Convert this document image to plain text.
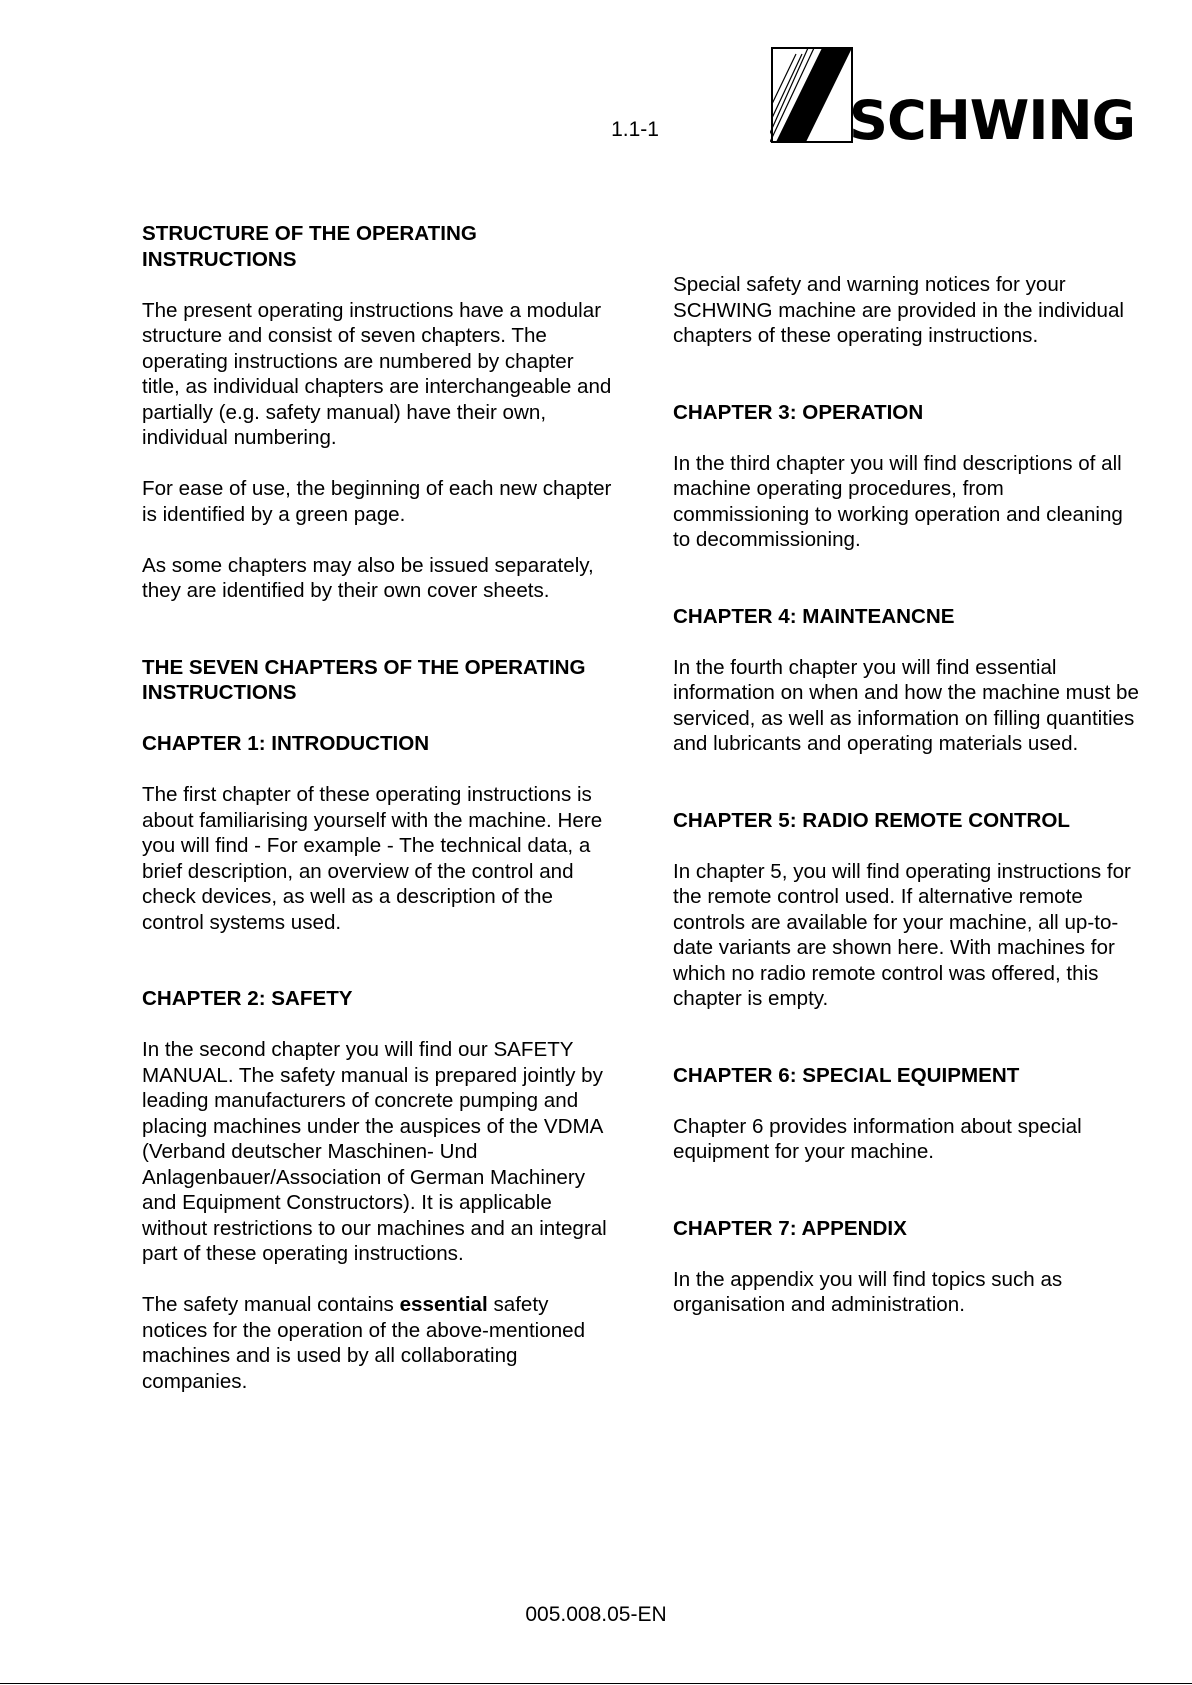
1.1-1	SCHWING
STRUCTURE OF THE OPERATING INSTRUCTIONS

The present operating instructions have a modular structure and consist of seven chapters. The operating instructions are numbered by chapter title, as individual chapters are interchangeable and partially (e.g. safety manual) have their own, individual numbering.

For ease of use, the beginning of each new chapter is identified by a green page.

As some chapters may also be issued separately, they are identified by their own cover sheets.

THE SEVEN CHAPTERS OF THE OPERATING INSTRUCTIONS
CHAPTER 1: INTRODUCTION

The first chapter of these operating instructions is about familiarising yourself with the machine. Here you will find - For example - The technical data, a brief description, an overview of the control and check devices, as well as a description of the control systems used.

CHAPTER 2: SAFETY

In the second chapter you will find our SAFETY MANUAL. The safety manual is prepared jointly by leading manufacturers of concrete pumping and placing machines under the auspices of the VDMA (Verband deutscher Maschinen- Und Anlagenbauer/Association of German Machinery and Equipment Constructors). It is applicable without restrictions to our machines and an integral part of these operating instructions.

The safety manual contains essential safety notices for the operation of the above-mentioned machines and is used by all collaborating companies.

Special safety and warning notices for your SCHWING machine are provided in the individual chapters of these operating instructions.

CHAPTER 3: OPERATION

In the third chapter you will find descriptions of all machine operating procedures, from commissioning to working operation and cleaning to decommissioning.

CHAPTER 4: MAINTEANCNE

In the fourth chapter you will find essential information on when and how the machine must be serviced, as well as information on filling quantities and lubricants and operating materials used.

CHAPTER 5: RADIO REMOTE CONTROL

In chapter 5, you will find operating instructions for the remote control used. If alternative remote controls are available for your machine, all up-to-date variants are shown here. With machines for which no radio remote control was offered, this chapter is empty.

CHAPTER 6: SPECIAL EQUIPMENT

Chapter 6 provides information about special equipment for your machine.

CHAPTER 7: APPENDIX

In the appendix you will find topics such as organisation and administration.

005.008.05-EN
